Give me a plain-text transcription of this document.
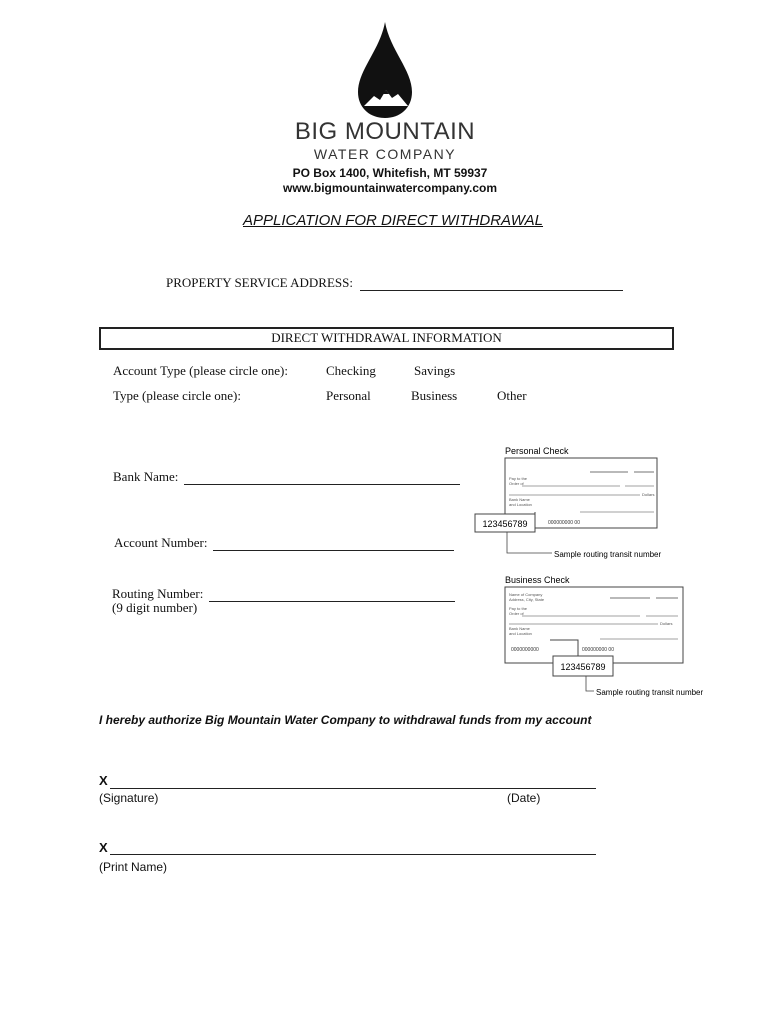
BIG MOUNTAIN
WATER COMPANY
PO Box 1400, Whitefish, MT 59937
www.bigmountainwatercompany.com
APPLICATION FOR DIRECT WITHDRAWAL
PROPERTY SERVICE ADDRESS:
DIRECT WITHDRAWAL INFORMATION
Account Type (please circle one):	Checking	Savings
Type (please circle one):	Personal	Business	Other
Bank Name:
Account Number:
Routing Number:
(9 digit number)
Personal Check
Pay to the
Order of
Dollars
Bank Name
and Location
000000000 00
123456789
Sample routing transit number
Business Check
Name of Company
Address, City, State
Pay to the
Order of
Dollars
Bank Name
and Location
0000000000	000000000 00
123456789
Sample routing transit number
I hereby authorize Big Mountain Water Company to withdrawal funds from my account
X
(Signature)	(Date)
X
(Print Name)
